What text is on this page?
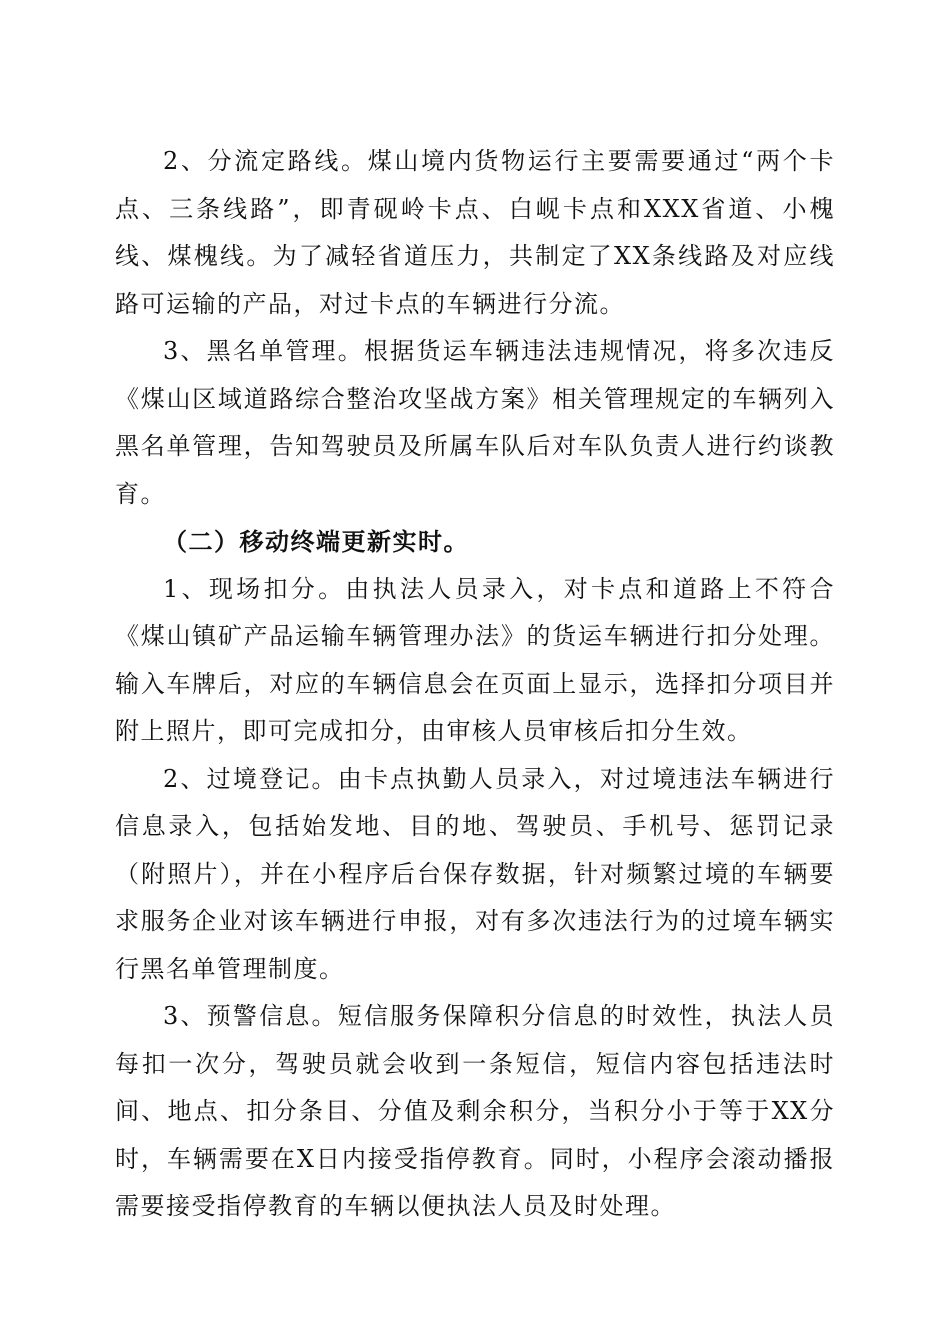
2、分流定路线。煤山境内货物运行主要需要通过“两个卡点、三条线路”，即青砚岭卡点、白岘卡点和XXX省道、小槐线、煤槐线。为了减轻省道压力，共制定了XX条线路及对应线路可运输的产品，对过卡点的车辆进行分流。

3、黑名单管理。根据货运车辆违法违规情况，将多次违反《煤山区域道路综合整治攻坚战方案》相关管理规定的车辆列入黑名单管理，告知驾驶员及所属车队后对车队负责人进行约谈教育。

（二）移动终端更新实时。

1、现场扣分。由执法人员录入，对卡点和道路上不符合《煤山镇矿产品运输车辆管理办法》的货运车辆进行扣分处理。输入车牌后，对应的车辆信息会在页面上显示，选择扣分项目并附上照片，即可完成扣分，由审核人员审核后扣分生效。

2、过境登记。由卡点执勤人员录入，对过境违法车辆进行信息录入，包括始发地、目的地、驾驶员、手机号、惩罚记录（附照片），并在小程序后台保存数据，针对频繁过境的车辆要求服务企业对该车辆进行申报，对有多次违法行为的过境车辆实行黑名单管理制度。

3、预警信息。短信服务保障积分信息的时效性，执法人员每扣一次分，驾驶员就会收到一条短信，短信内容包括违法时间、地点、扣分条目、分值及剩余积分，当积分小于等于XX分时，车辆需要在X日内接受指停教育。同时，小程序会滚动播报需要接受指停教育的车辆以便执法人员及时处理。
